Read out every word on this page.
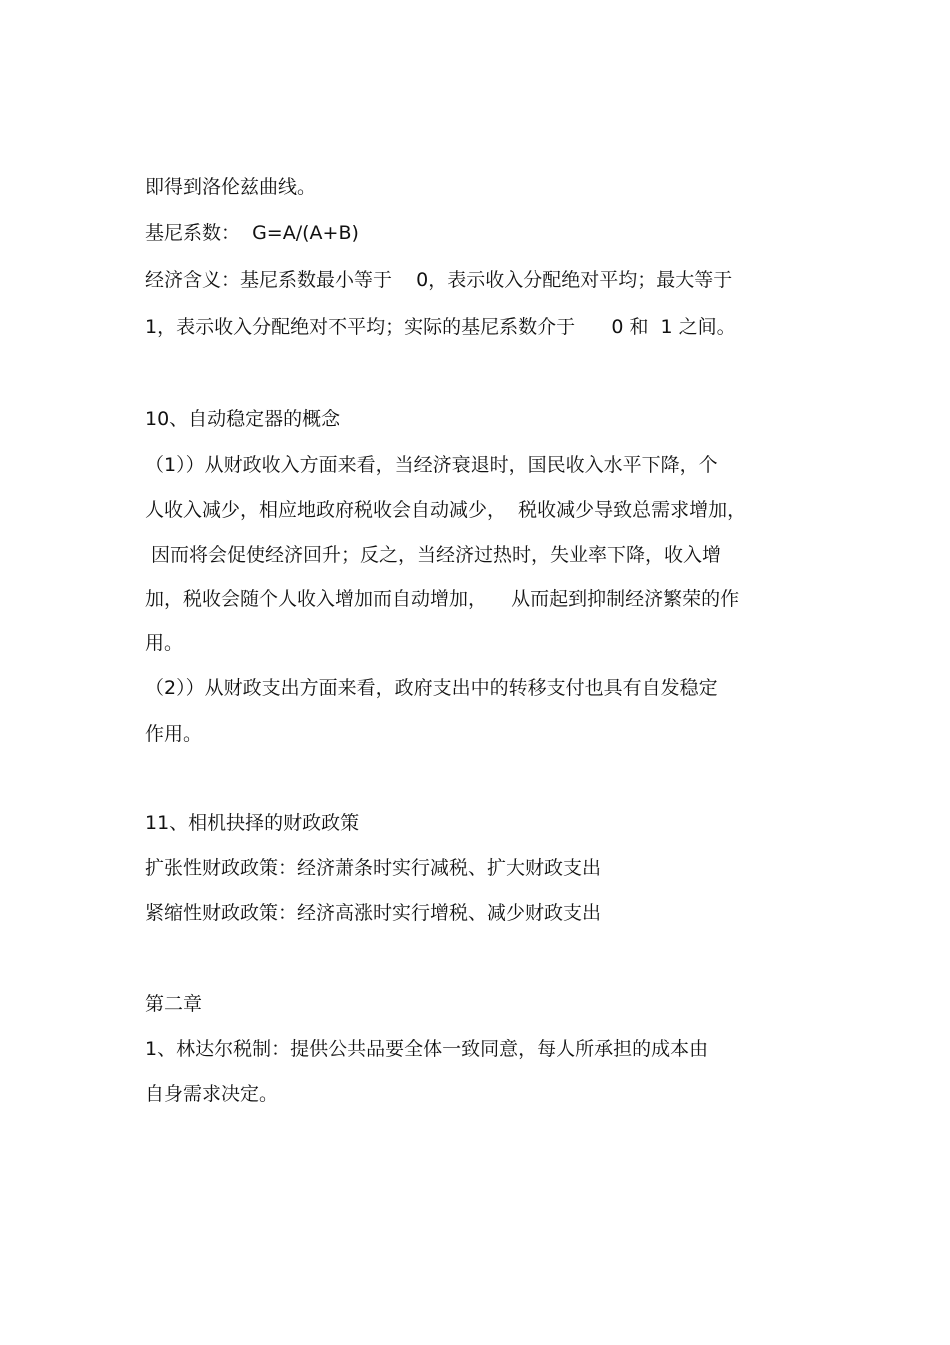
即得到洛伦兹曲线。
基尼系数：  G=A/(A+B)
经济含义：基尼系数最小等于    0，表示收入分配绝对平均；最大等于
1，表示收入分配绝对不平均；实际的基尼系数介于      0 和  1 之间。
10、自动稳定器的概念
（1））从财政收入方面来看，当经济衰退时，国民收入水平下降，个
人收入减少，相应地政府税收会自动减少，  税收减少导致总需求增加，
因而将会促使经济回升；反之，当经济过热时，失业率下降，收入增
加，税收会随个人收入增加而自动增加，    从而起到抑制经济繁荣的作
用。
（2））从财政支出方面来看，政府支出中的转移支付也具有自发稳定
作用。
11、相机抉择的财政政策
扩张性财政政策：经济萧条时实行减税、扩大财政支出
紧缩性财政政策：经济高涨时实行增税、减少财政支出
第二章
1、林达尔税制：提供公共品要全体一致同意，每人所承担的成本由
自身需求决定。
